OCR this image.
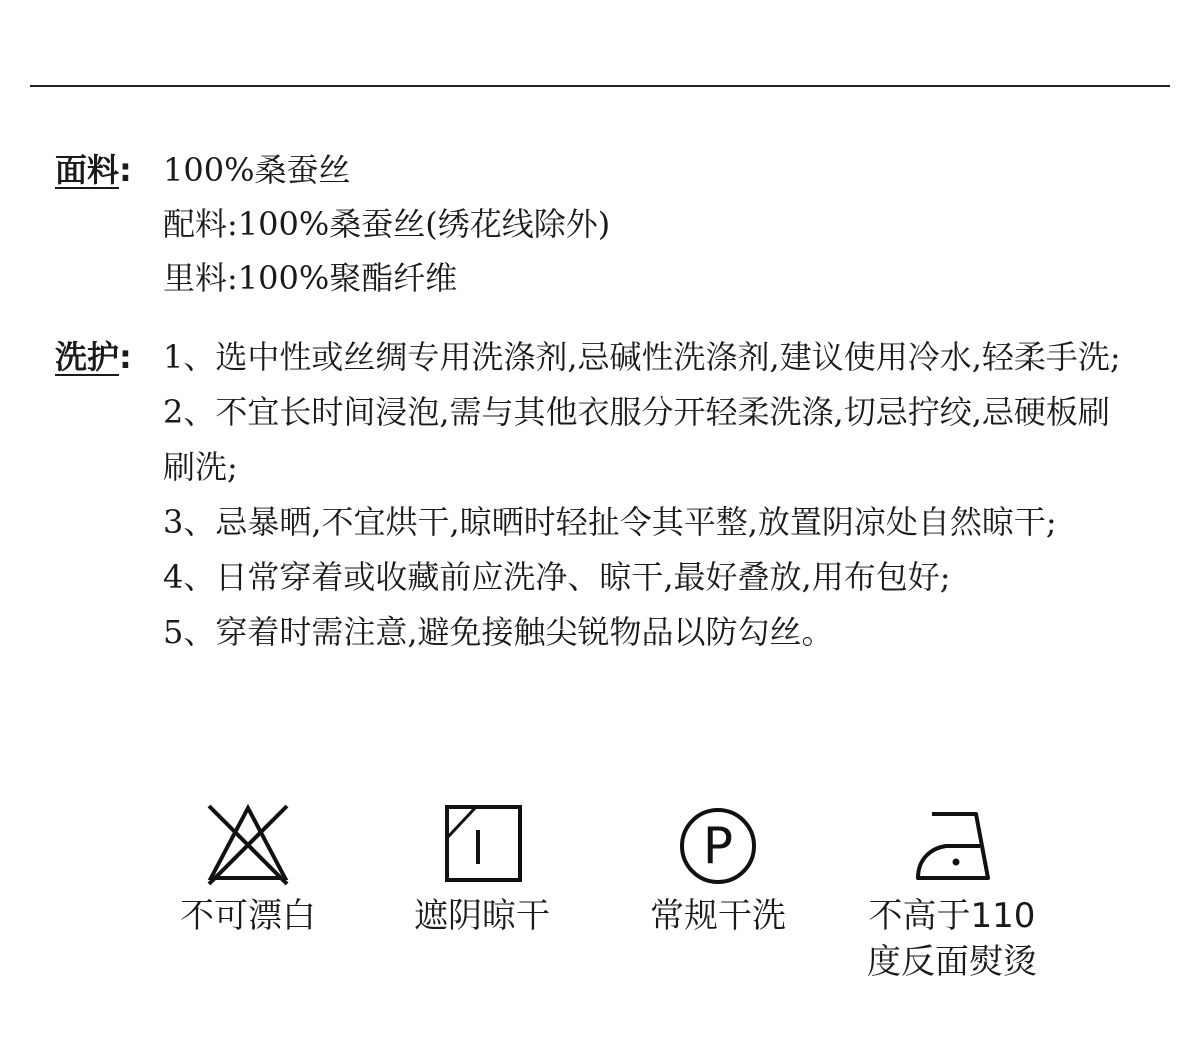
面料: 100%桑蚕丝
配料:100%桑蚕丝(绣花线除外)
里料:100%聚酯纤维
洗护: 1、选中性或丝绸专用洗涤剂,忌碱性洗涤剂,建议使用冷水,轻柔手洗;

2、不宜长时间浸泡,需与其他衣服分开轻柔洗涤,切忌拧绞,忌硬板刷刷洗;

3、忌暴晒,不宜烘干,晾晒时轻扯令其平整,放置阴凉处自然晾干;

4、日常穿着或收藏前应洗净、晾干,最好叠放,用布包好;

5、穿着时需注意,避免接触尖锐物品以防勾丝。

不可漂白	遮阴晾干
P
常规干洗	不高于110
度反面熨烫
